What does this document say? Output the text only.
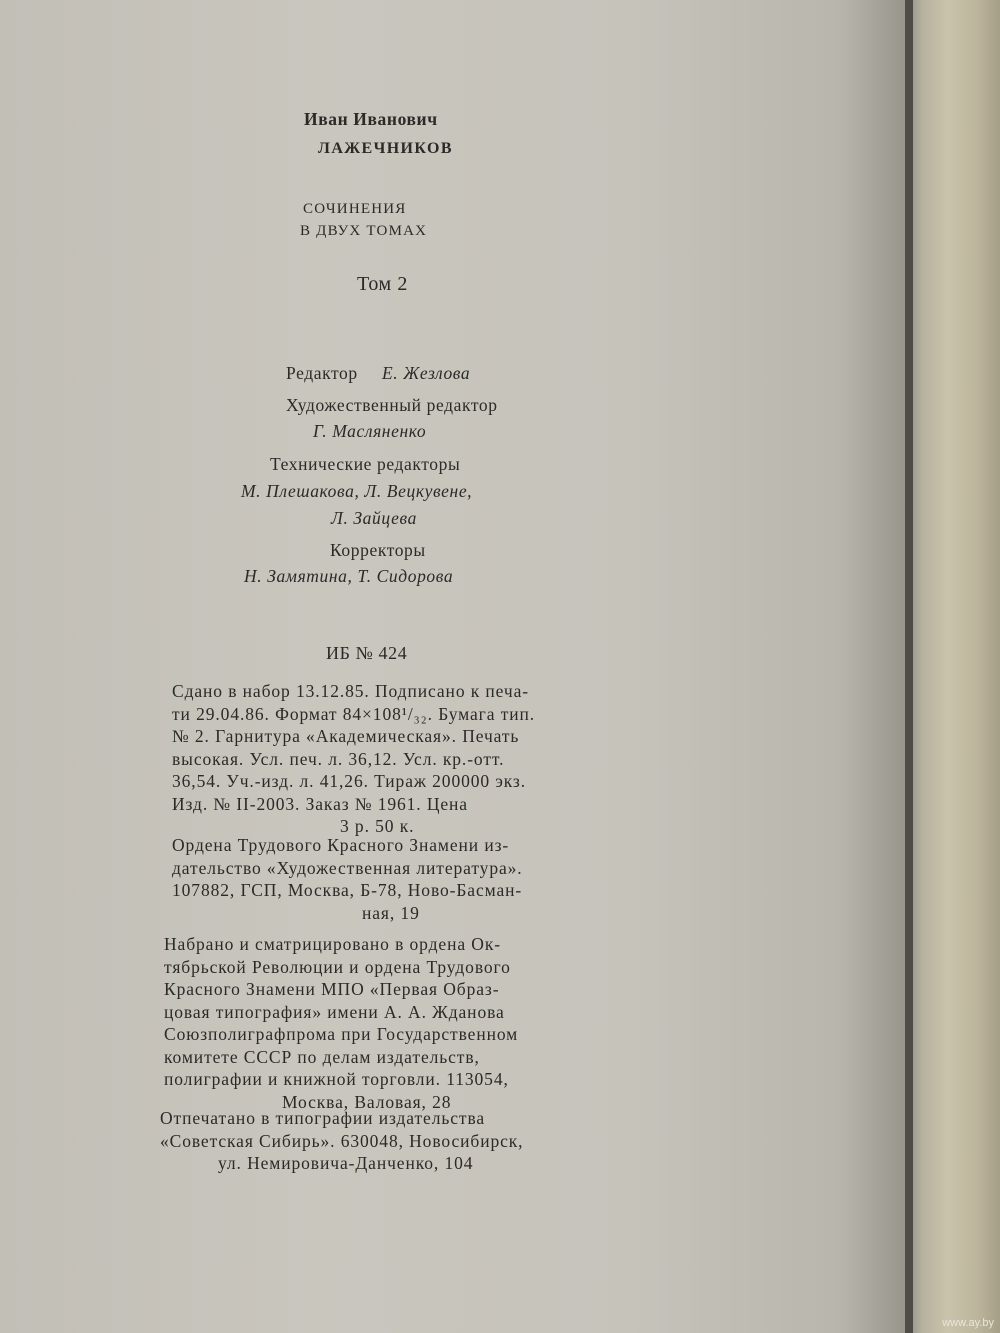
Иван Иванович
ЛАЖЕЧНИКОВ
СОЧИНЕНИЯ
В ДВУХ ТОМАХ
Том 2
Редактор Е. Жезлова
Художественный редактор
Г. Масляненко
Технические редакторы
М. Плешакова, Л. Вецкувене,
Л. Зайцева
Корректоры
Н. Замятина, Т. Сидорова
ИБ № 424
Сдано в набор 13.12.85. Подписано к печа-
ти 29.04.86. Формат 84×108¹/₃₂. Бумага тип.
№ 2. Гарнитура «Академическая». Печать
высокая. Усл. печ. л. 36,12. Усл. кр.-отт.
36,54. Уч.-изд. л. 41,26. Тираж 200000 экз.
Изд. № II-2003. Заказ № 1961. Цена
3 р. 50 к.
Ордена Трудового Красного Знамени из-
дательство «Художественная литература».
107882, ГСП, Москва, Б-78, Ново-Басман-
ная, 19
Набрано и сматрицировано в ордена Ок-
тябрьской Революции и ордена Трудового
Красного Знамени МПО «Первая Образ-
цовая типография» имени А. А. Жданова
Союзполиграфпрома при Государственном
комитете СССР по делам издательств,
полиграфии и книжной торговли. 113054,
Москва, Валовая, 28
Отпечатано в типографии издательства
«Советская Сибирь». 630048, Новосибирск,
ул. Немировича-Данченко, 104
www.ay.by
